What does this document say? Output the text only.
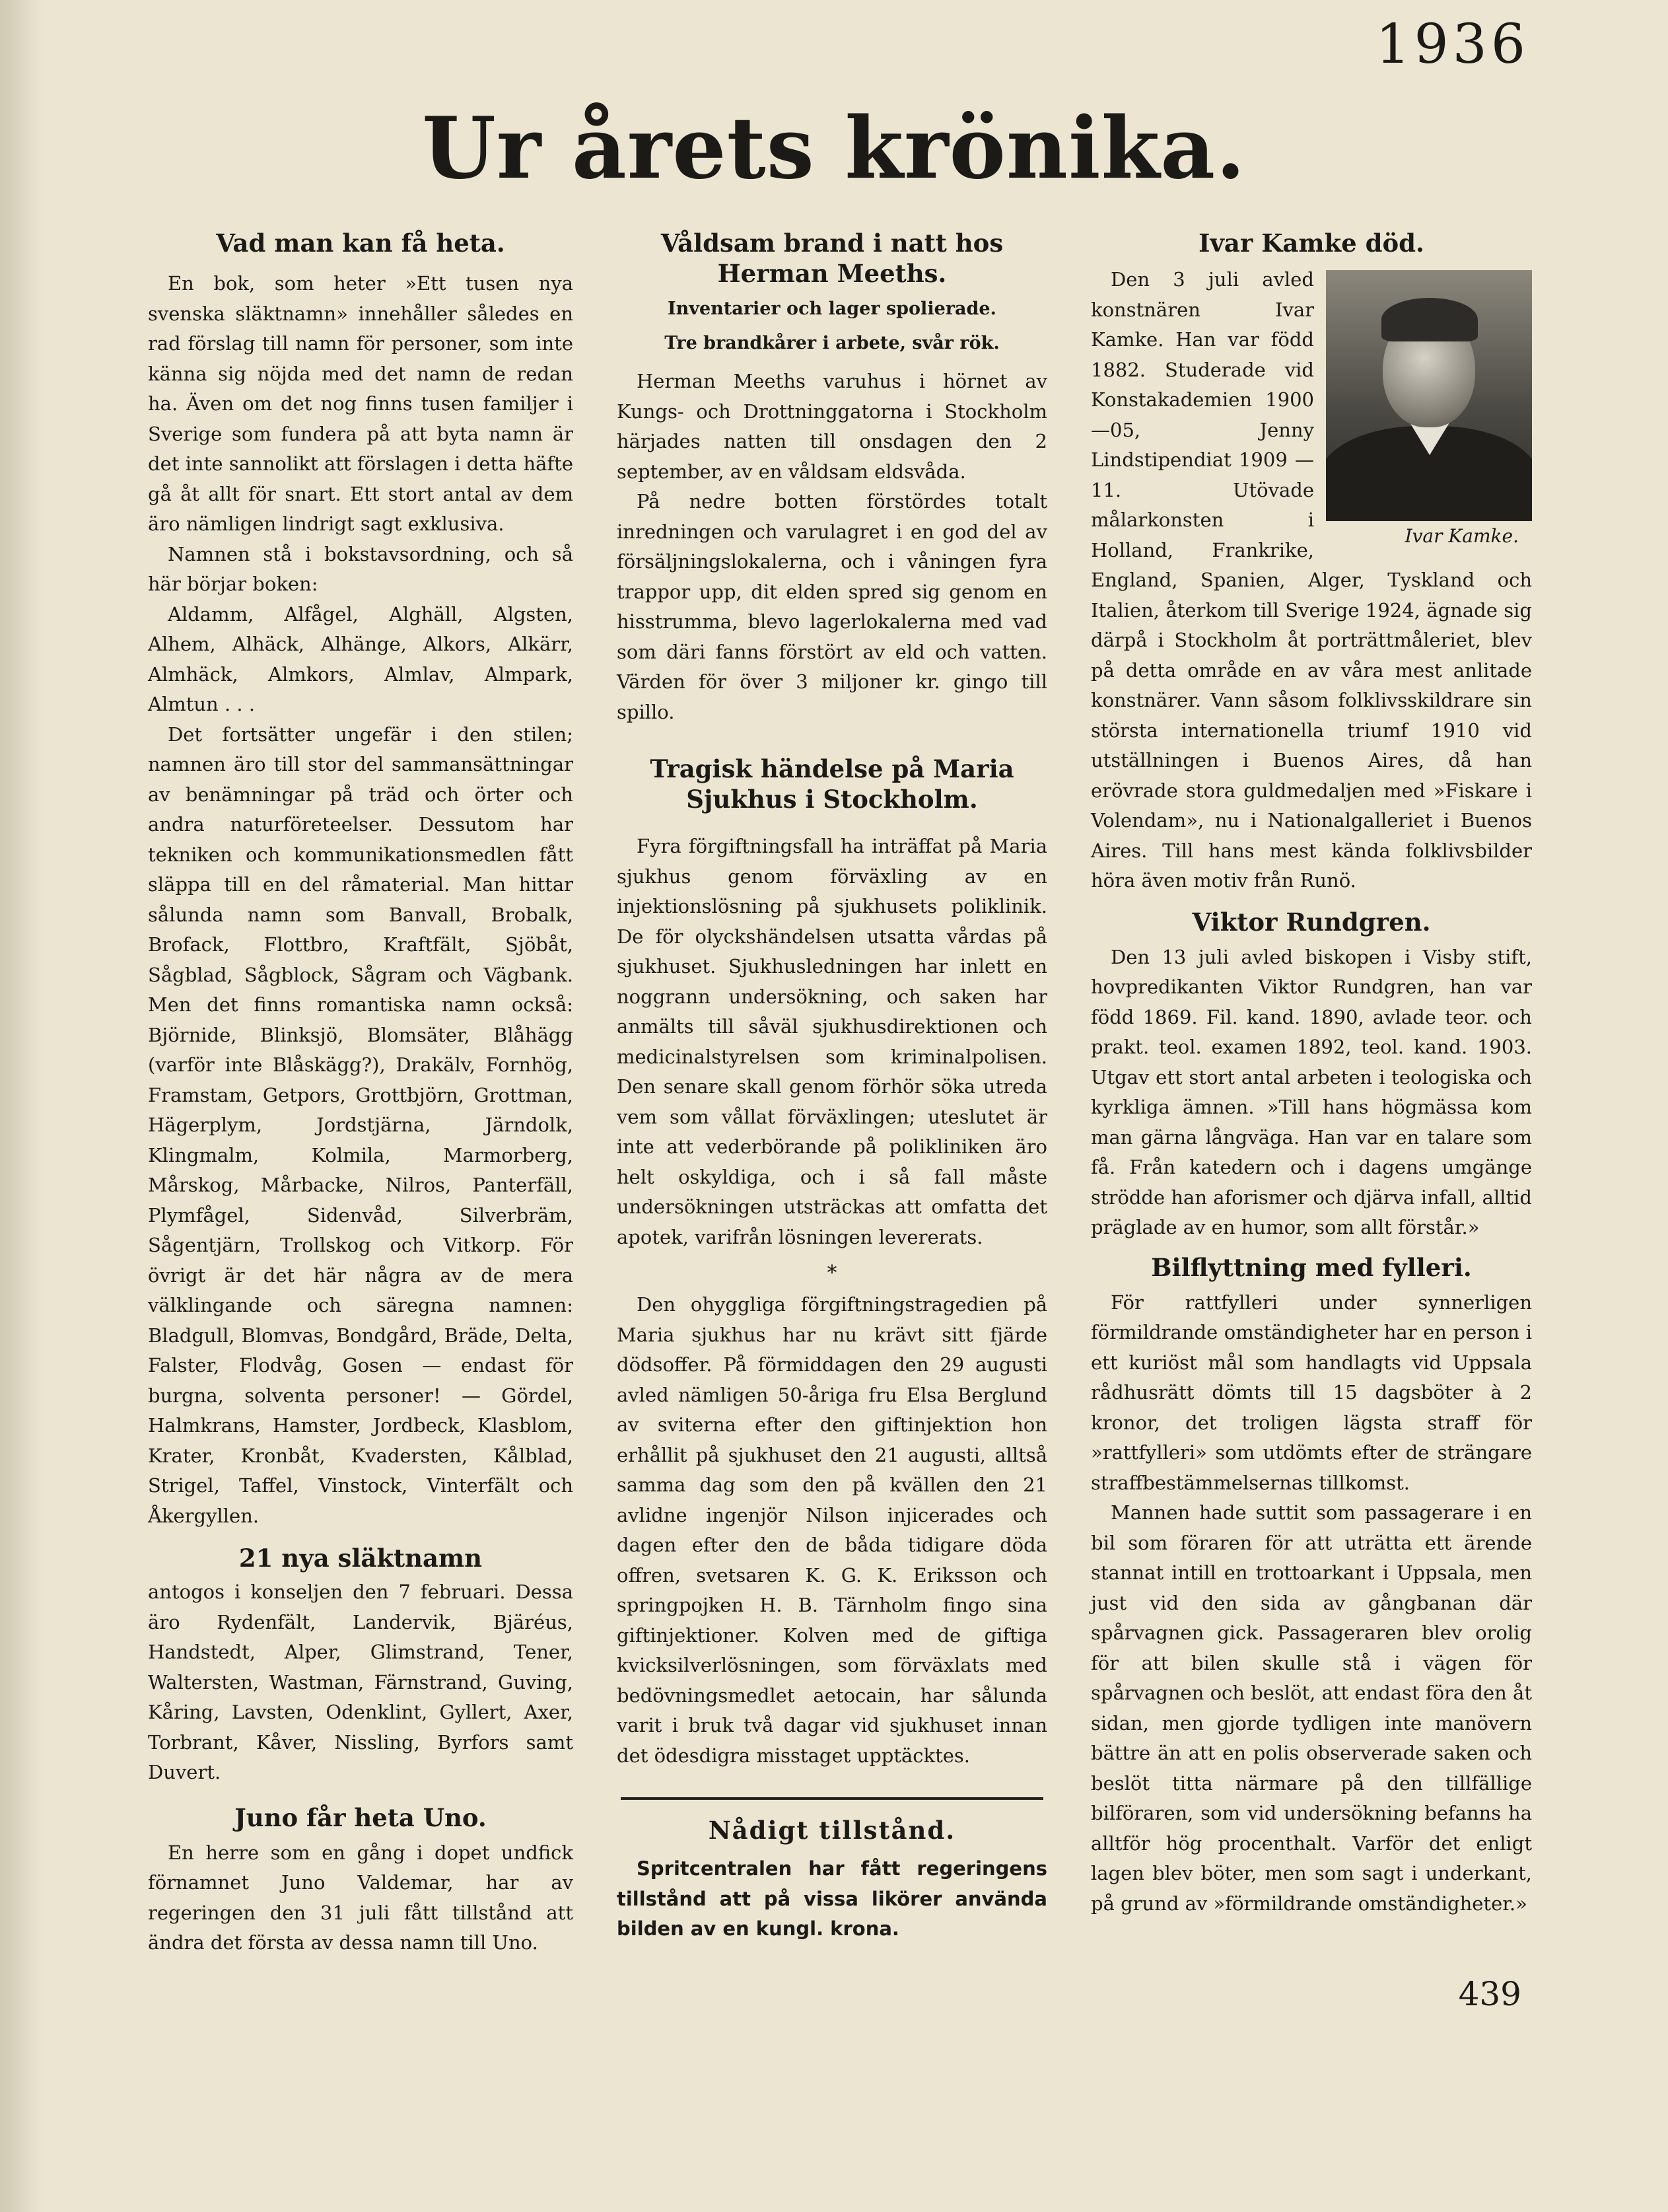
1936
Ur årets krönika.
Vad man kan få heta.

En bok, som heter »Ett tusen nya svenska släktnamn» innehåller således en rad förslag till namn för personer, som inte känna sig nöjda med det namn de redan ha. Även om det nog finns tusen familjer i Sverige som fundera på att byta namn är det inte sannolikt att förslagen i detta häfte gå åt allt för snart. Ett stort antal av dem äro nämligen lindrigt sagt exklusiva.

Namnen stå i bokstavsordning, och så här börjar boken:

Aldamm, Alfågel, Alghäll, Algsten, Alhem, Alhäck, Alhänge, Alkors, Alkärr, Almhäck, Almkors, Almlav, Almpark, Almtun . . .

Det fortsätter ungefär i den stilen; namnen äro till stor del sammansättningar av benämningar på träd och örter och andra naturföreteelser. Dessutom har tekniken och kommunikationsmedlen fått släppa till en del råmaterial. Man hittar sålunda namn som Banvall, Brobalk, Brofack, Flottbro, Kraftfält, Sjöbåt, Sågblad, Sågblock, Sågram och Vägbank. Men det finns romantiska namn också: Björnide, Blinksjö, Blomsäter, Blåhägg (varför inte Blåskägg?), Drakälv, Fornhög, Framstam, Getpors, Grottbjörn, Grottman, Hägerplym, Jordstjärna, Järndolk, Klingmalm, Kolmila, Marmorberg, Mårskog, Mårbacke, Nilros, Panterfäll, Plymfågel, Sidenvåd, Silverbräm, Sågentjärn, Trollskog och Vitkorp. För övrigt är det här några av de mera välklingande och säregna namnen: Bladgull, Blomvas, Bondgård, Bräde, Delta, Falster, Flodvåg, Gosen — endast för burgna, solventa personer! — Gördel, Halmkrans, Hamster, Jordbeck, Klasblom, Krater, Kronbåt, Kvadersten, Kålblad, Strigel, Taffel, Vinstock, Vinterfält och Åkergyllen.

21 nya släktnamn

antogos i konseljen den 7 februari. Dessa äro Rydenfält, Landervik, Bjäréus, Handstedt, Alper, Glimstrand, Tener, Waltersten, Wastman, Färnstrand, Guving, Kåring, Lavsten, Odenklint, Gyllert, Axer, Torbrant, Kåver, Nissling, Byrfors samt Duvert.

Juno får heta Uno.

En herre som en gång i dopet undfick förnamnet Juno Valdemar, har av regeringen den 31 juli fått tillstånd att ändra det första av dessa namn till Uno.

Våldsam brand i natt hos Herman Meeths.
Inventarier och lager spolierade.
Tre brandkårer i arbete, svår rök.

Herman Meeths varuhus i hörnet av Kungs- och Drottninggatorna i Stockholm härjades natten till onsdagen den 2 september, av en våldsam eldsvåda.

På nedre botten förstördes totalt inredningen och varulagret i en god del av försäljningslokalerna, och i våningen fyra trappor upp, dit elden spred sig genom en hisstrumma, blevo lagerlokalerna med vad som däri fanns förstört av eld och vatten. Värden för över 3 miljoner kr. gingo till spillo.

Tragisk händelse på Maria Sjukhus i Stockholm.

Fyra förgiftningsfall ha inträffat på Maria sjukhus genom förväxling av en injektionslösning på sjukhusets poliklinik. De för olyckshändelsen utsatta vårdas på sjukhuset. Sjukhusledningen har inlett en noggrann undersökning, och saken har anmälts till såväl sjukhusdirektionen och medicinalstyrelsen som kriminalpolisen. Den senare skall genom förhör söka utreda vem som vållat förväxlingen; uteslutet är inte att vederbörande på polikliniken äro helt oskyldiga, och i så fall måste undersökningen utsträckas att omfatta det apotek, varifrån lösningen levererats.

*

Den ohyggliga förgiftningstragedien på Maria sjukhus har nu krävt sitt fjärde dödsoffer. På förmiddagen den 29 augusti avled nämligen 50-åriga fru Elsa Berglund av sviterna efter den giftinjektion hon erhållit på sjukhuset den 21 augusti, alltså samma dag som den på kvällen den 21 avlidne ingenjör Nilson injicerades och dagen efter den de båda tidigare döda offren, svetsaren K. G. K. Eriksson och springpojken H. B. Tärnholm fingo sina giftinjektioner. Kolven med de giftiga kvicksilverlösningen, som förväxlats med bedövningsmedlet aetocain, har sålunda varit i bruk två dagar vid sjukhuset innan det ödesdigra misstaget upptäcktes.

Nådigt tillstånd.

Spritcentralen har fått regeringens tillstånd att på vissa likörer använda bilden av en kungl. krona.

Ivar Kamke död.
Ivar Kamke.

Den 3 juli avled konstnären Ivar Kamke. Han var född 1882. Studerade vid Konstakademien 1900—05, Jenny Lindstipendiat 1909 —11. Utövade målarkonsten i Holland, Frankrike, England, Spanien, Alger, Tyskland och Italien, återkom till Sverige 1924, ägnade sig därpå i Stockholm åt porträttmåleriet, blev på detta område en av våra mest anlitade konstnärer. Vann såsom folklivsskildrare sin största internationella triumf 1910 vid utställningen i Buenos Aires, då han erövrade stora guldmedaljen med »Fiskare i Volendam», nu i Nationalgalleriet i Buenos Aires. Till hans mest kända folklivsbilder höra även motiv från Runö.

Viktor Rundgren.

Den 13 juli avled biskopen i Visby stift, hovpredikanten Viktor Rundgren, han var född 1869. Fil. kand. 1890, avlade teor. och prakt. teol. examen 1892, teol. kand. 1903. Utgav ett stort antal arbeten i teologiska och kyrkliga ämnen. »Till hans högmässa kom man gärna långväga. Han var en talare som få. Från katedern och i dagens umgänge strödde han aforismer och djärva infall, alltid präglade av en humor, som allt förstår.»

Bilflyttning med fylleri.

För rattfylleri under synnerligen förmildrande omständigheter har en person i ett kuriöst mål som handlagts vid Uppsala rådhusrätt dömts till 15 dagsböter à 2 kronor, det troligen lägsta straff för »rattfylleri» som utdömts efter de strängare straffbestämmelsernas tillkomst.

Mannen hade suttit som passagerare i en bil som föraren för att uträtta ett ärende stannat intill en trottoarkant i Uppsala, men just vid den sida av gångbanan där spårvagnen gick. Passageraren blev orolig för att bilen skulle stå i vägen för spårvagnen och beslöt, att endast föra den åt sidan, men gjorde tydligen inte manövern bättre än att en polis observerade saken och beslöt titta närmare på den tillfällige bilföraren, som vid undersökning befanns ha alltför hög procenthalt. Varför det enligt lagen blev böter, men som sagt i underkant, på grund av »förmildrande omständigheter.»

439
